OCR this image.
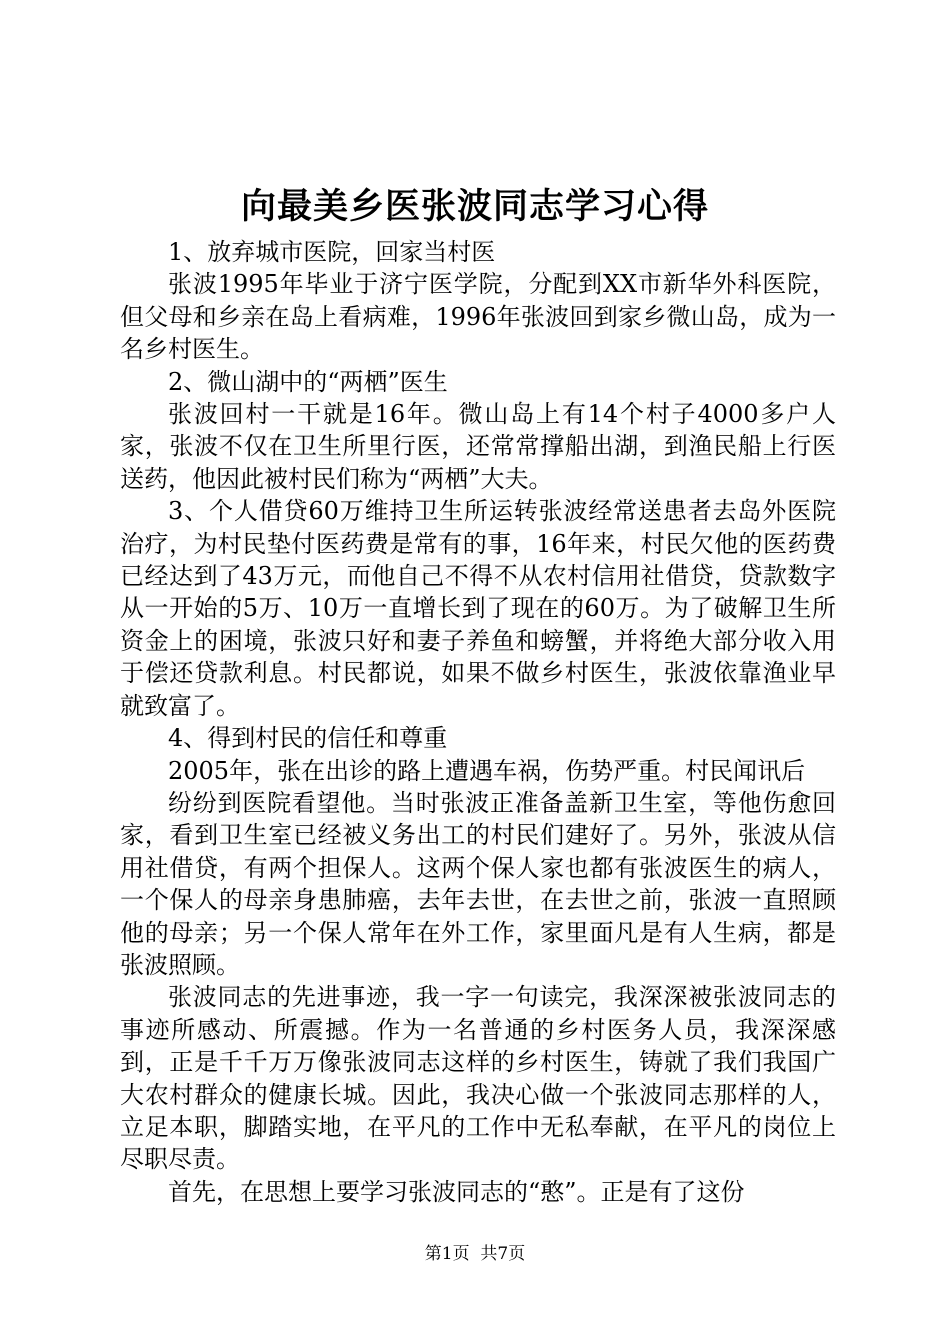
向最美乡医张波同志学习心得

1、放弃城市医院，回家当村医

张波1995年毕业于济宁医学院，分配到XX市新华外科医院，但父母和乡亲在岛上看病难，1996年张波回到家乡微山岛，成为一名乡村医生。

2、微山湖中的“两栖”医生

张波回村一干就是16年。微山岛上有14个村子4000多户人家，张波不仅在卫生所里行医，还常常撑船出湖，到渔民船上行医送药，他因此被村民们称为“两栖”大夫。

3、个人借贷60万维持卫生所运转张波经常送患者去岛外医院治疗，为村民垫付医药费是常有的事，16年来，村民欠他的医药费已经达到了43万元，而他自己不得不从农村信用社借贷，贷款数字从一开始的5万、10万一直增长到了现在的60万。为了破解卫生所资金上的困境，张波只好和妻子养鱼和螃蟹，并将绝大部分收入用于偿还贷款利息。村民都说，如果不做乡村医生，张波依靠渔业早就致富了。

4、得到村民的信任和尊重

2005年，张在出诊的路上遭遇车祸，伤势严重。村民闻讯后

纷纷到医院看望他。当时张波正准备盖新卫生室，等他伤愈回家，看到卫生室已经被义务出工的村民们建好了。另外，张波从信用社借贷，有两个担保人。这两个保人家也都有张波医生的病人，一个保人的母亲身患肺癌，去年去世，在去世之前，张波一直照顾他的母亲；另一个保人常年在外工作，家里面凡是有人生病，都是张波照顾。

张波同志的先进事迹，我一字一句读完，我深深被张波同志的事迹所感动、所震撼。作为一名普通的乡村医务人员，我深深感到，正是千千万万像张波同志这样的乡村医生，铸就了我们我国广大农村群众的健康长城。因此，我决心做一个张波同志那样的人，立足本职，脚踏实地，在平凡的工作中无私奉献，在平凡的岗位上尽职尽责。

首先，在思想上要学习张波同志的“憨”。正是有了这份

第1页  共7页
